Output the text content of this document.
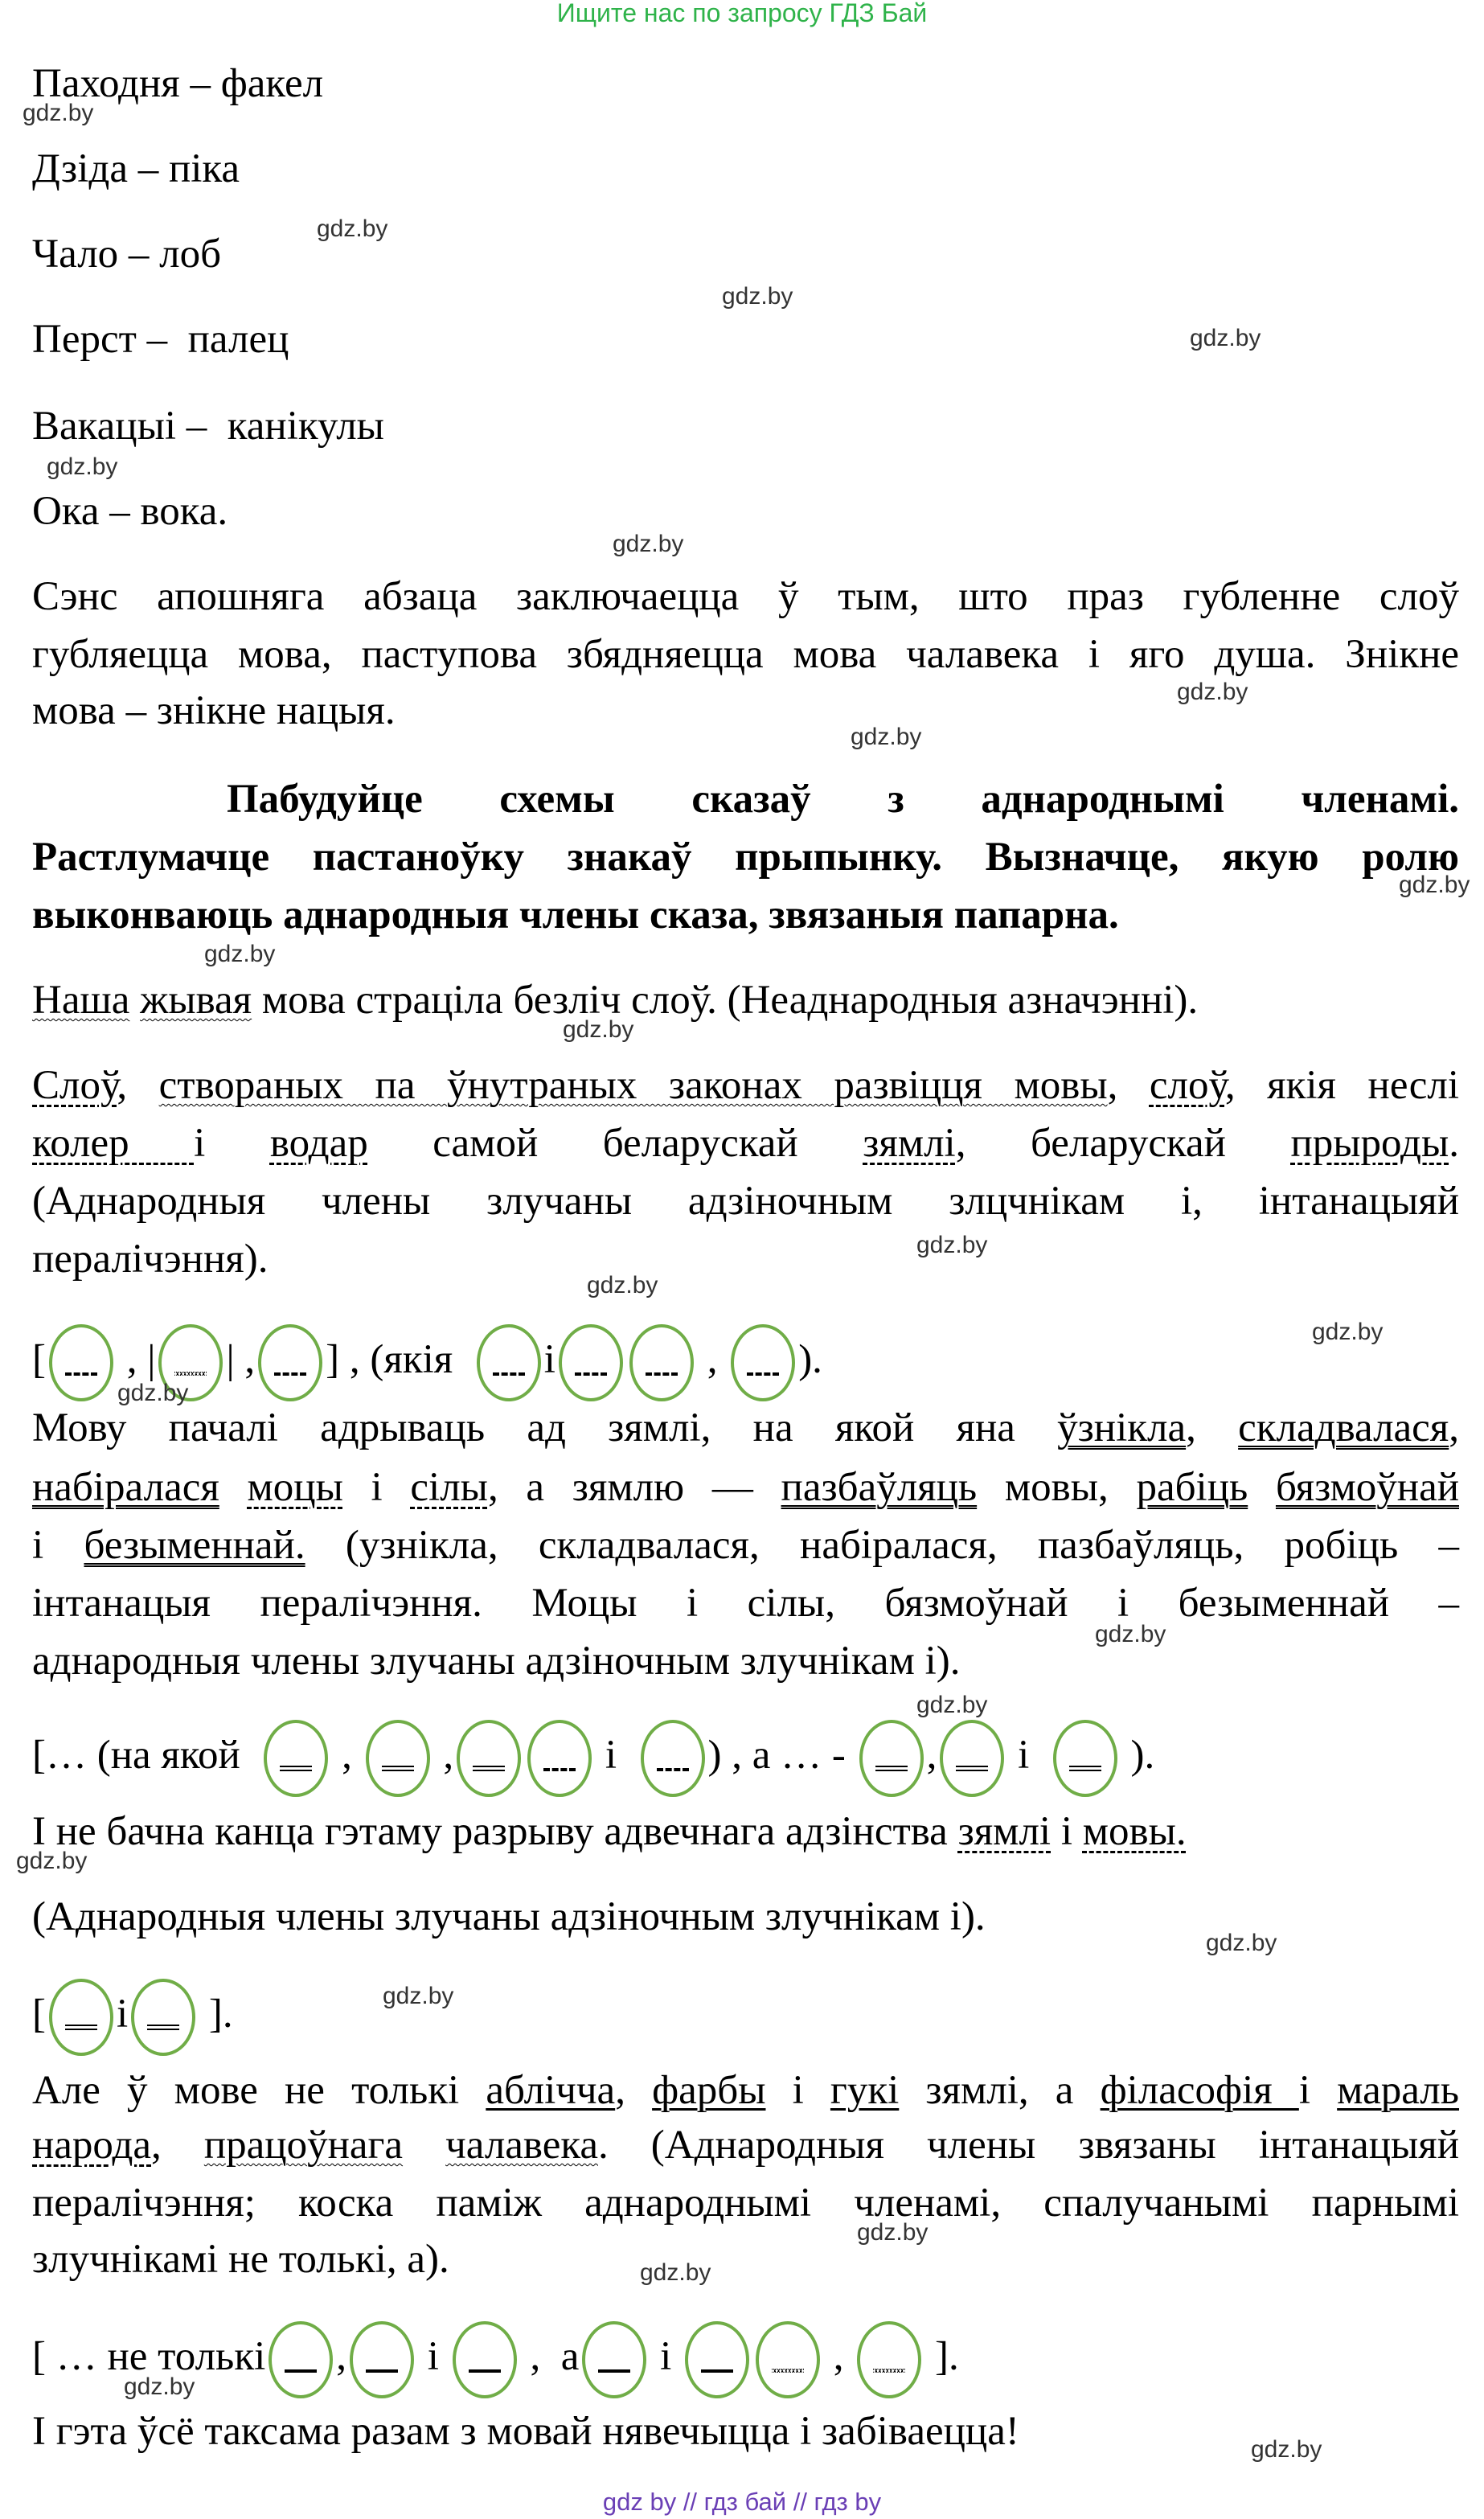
Ищите нас по запросу ГДЗ Бай
Паходня – факел
Дзіда – піка
Чало – лоб
Перст –  палец
Вакацыі –  канікулы
Ока – вока.
Сэнс апошняга абзаца заключаецца ў тым, што праз губленне слоў
губляецца мова, паступова збядняецца мова чалавека і яго душа. Знікне
мова – знікне нацыя.
Пабудуйце схемы сказаў з аднароднымі членамі.
Растлумачце пастаноўку знакаў прыпынку. Вызначце, якую ролю
выконваюць аднародныя члены сказа, звязаныя папарна.
Наша жывая мова страціла безліч слоў. (Неаднародныя азначэнні).
Слоў, створаных па ўнутраных законах развіцця мовы, слоў, якія неслі
колер і водар самой беларускай зямлі, беларускай прыроды.
(Аднародныя члены злучаны адзіночным злцчнікам і, інтанацыяй
пералічэння).
[
, | | , ] , (якія
і	,
).
Мову пачалі адрываць ад зямлі, на якой яна ўзнікла, складвалася,
набіралася моцы і сілы, а зямлю — пазбаўляць мовы, рабіць бязмоўнай
і безыменнай. (узнікла, складвалася, набіралася, пазбаўляць, робіць –
інтанацыя пералічэння. Моцы і сілы, бязмоўнай і безыменнай –
аднародныя члены злучаны адзіночным злучнікам і).
[… (на якой
,
,	і
) , а … -
,
і
).
І не бачна канца гэтаму разрыву адвечнага адзінства зямлі і мовы.
(Аднародныя члены злучаны адзіночным злучнікам і).
[ і
].
Але ў мове не толькі аблічча, фарбы і гукі зямлі, а філасофія і мараль
народа, працоўнага чалавека. (Аднародныя члены звязаны інтанацыяй
пералічэння; коска паміж аднароднымі членамі, спалучанымі парнымі
злучнікамі не толькі, а).
[ … не толькі ,
і
,  а
і	,
].
І гэта ўсё таксама разам з мовай нявечыцца і забіваецца!
gdz.by
gdz.by
gdz.by
gdz.by
gdz.by
gdz.by
gdz.by
gdz.by
gdz.by
gdz.by
gdz.by
gdz.by
gdz.by
gdz.by
gdz.by
gdz.by
gdz.by
gdz.by
gdz.by
gdz.by
gdz.by
gdz.by
gdz.by
gdz.by
gdz by // гдз бай // гдз by
